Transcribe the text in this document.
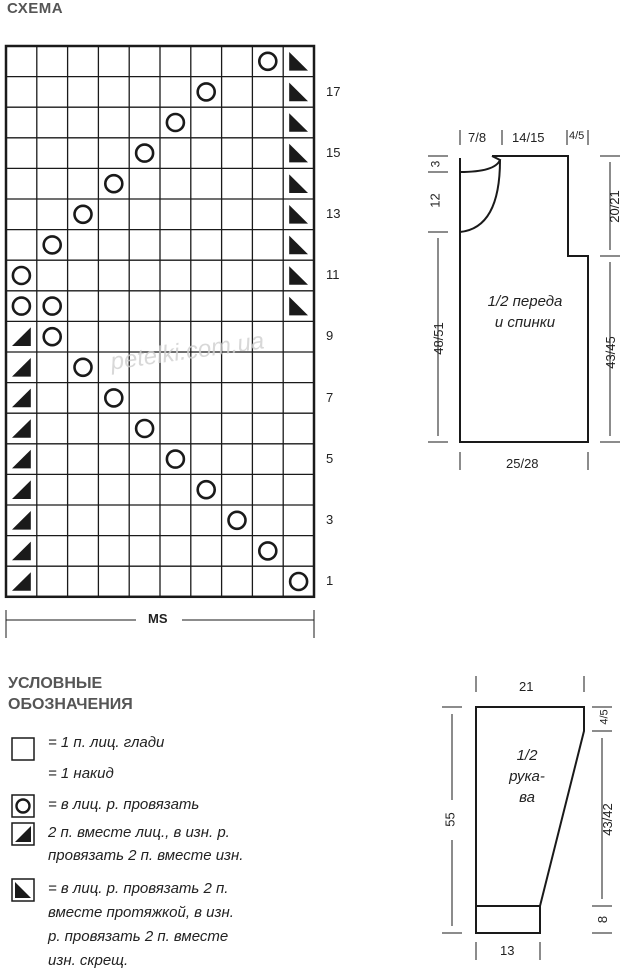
СХЕМА
petelki.com.ua
1
3
5
7
9
11
13
15
17
MS
УСЛОВНЫЕ
ОБОЗНАЧЕНИЯ
= 1 п. лиц. глади
= 1 накид
= в лиц. р. провязать
2 п. вместе лиц., в изн. р.
провязать 2 п. вместе изн.
= в лиц. р. провязать 2 п.
вместе протяжкой, в изн.
р. провязать 2 п. вместе
изн. скрещ.
1/2 переда
и спинки
7/8 14/15 4/5
3
12	20/21
48/51	43/45
25/28
1/2
рука-
ва
21
4/5
55	43/42
8
13
